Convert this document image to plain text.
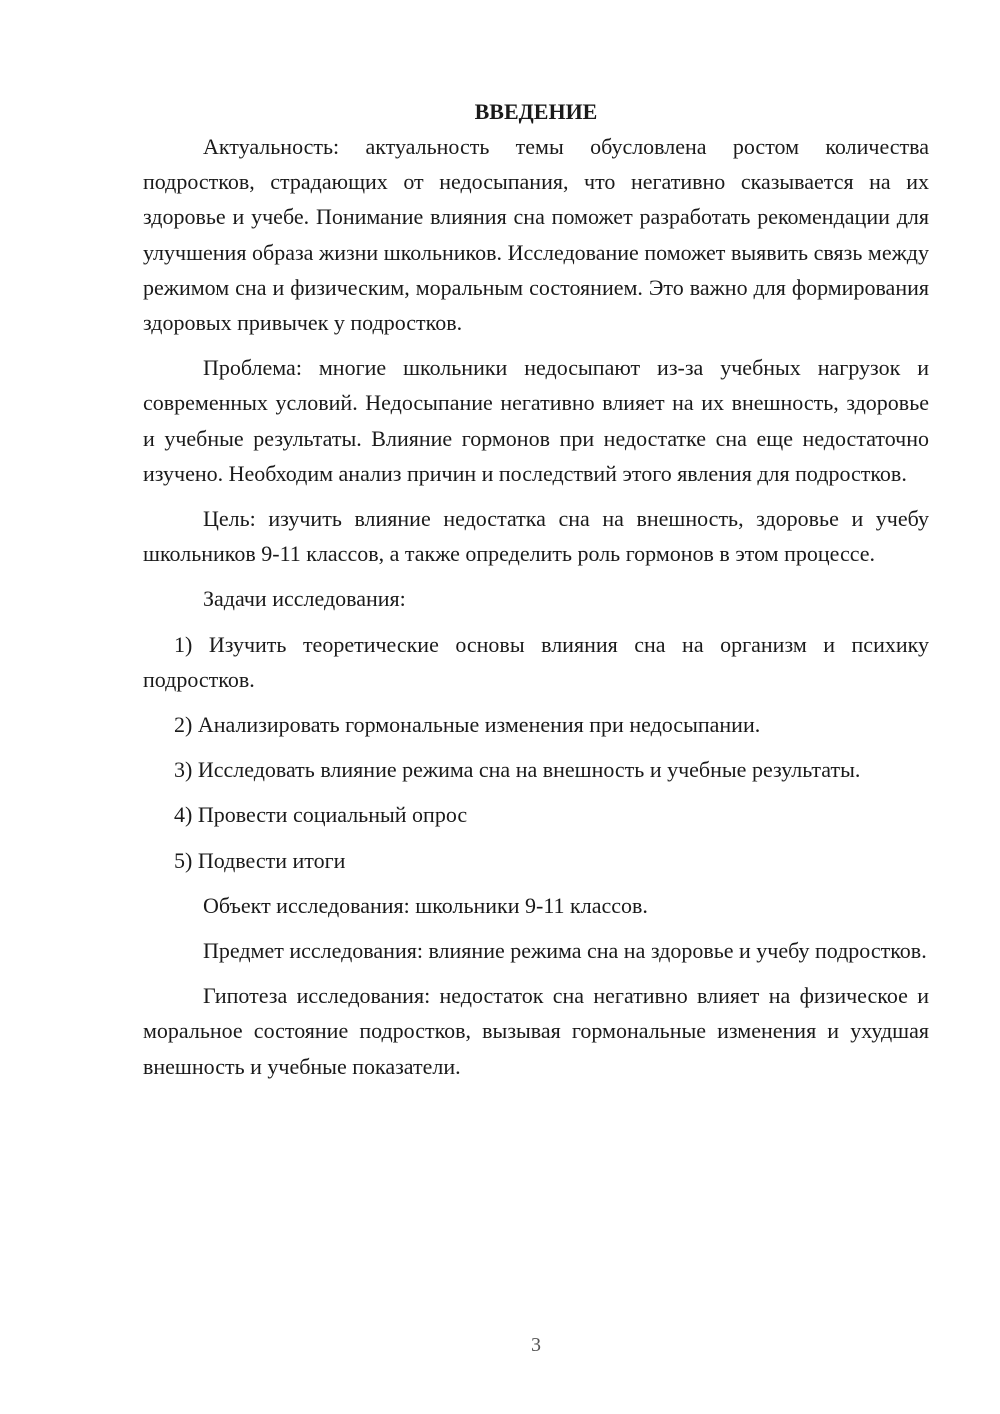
ВВЕДЕНИЕ

Актуальность: актуальность темы обусловлена ростом количества подростков, страдающих от недосыпания, что негативно сказывается на их здоровье и учебе. Понимание влияния сна поможет разработать рекомендации для улучшения образа жизни школьников. Исследование поможет выявить связь между режимом сна и физическим, моральным состоянием. Это важно для формирования здоровых привычек у подростков.

Проблема: многие школьники недосыпают из-за учебных нагрузок и современных условий. Недосыпание негативно влияет на их внешность, здоровье и учебные результаты. Влияние гормонов при недостатке сна еще недостаточно изучено. Необходим анализ причин и последствий этого явления для подростков.

Цель: изучить влияние недостатка сна на внешность, здоровье и учебу школьников 9-11 классов, а также определить роль гормонов в этом процессе.

Задачи исследования:

1) Изучить теоретические основы влияния сна на организм и психику подростков.

2) Анализировать гормональные изменения при недосыпании.

3) Исследовать влияние режима сна на внешность и учебные результаты.

4) Провести социальный опрос

5) Подвести итоги

Объект исследования: школьники 9-11 классов.

Предмет исследования: влияние режима сна на здоровье и учебу подростков.

Гипотеза исследования: недостаток сна негативно влияет на физическое и моральное состояние подростков, вызывая гормональные изменения и ухудшая внешность и учебные показатели.

3
